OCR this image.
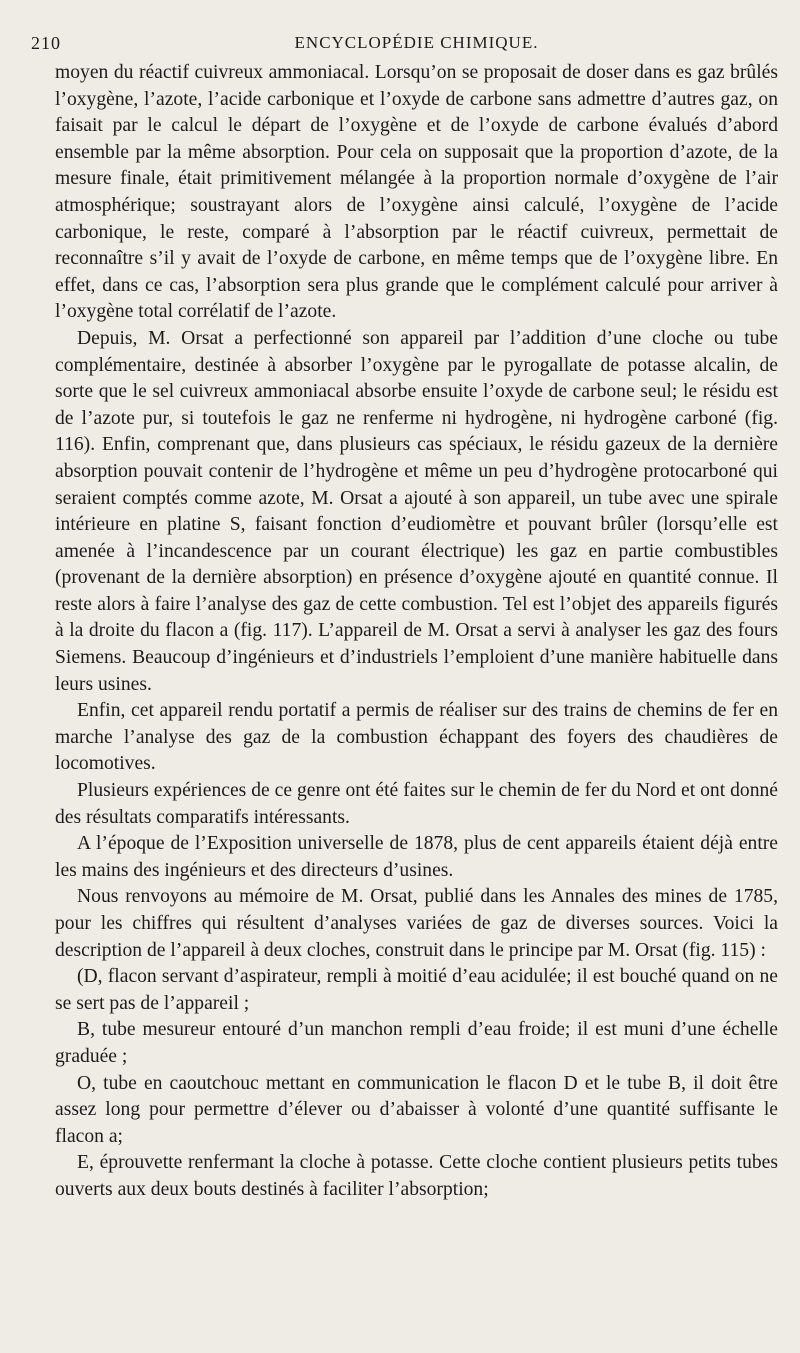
210	ENCYCLOPÉDIE CHIMIQUE.

moyen du réactif cuivreux ammoniacal. Lorsqu’on se proposait de doser dans es gaz brûlés l’oxygène, l’azote, l’acide carbonique et l’oxyde de carbone sans admettre d’autres gaz, on faisait par le calcul le départ de l’oxygène et de l’oxyde de carbone évalués d’abord ensemble par la même absorption. Pour cela on supposait que la proportion d’azote, de la mesure finale, était primitivement mélangée à la proportion normale d’oxygène de l’air atmosphérique; soustrayant alors de l’oxygène ainsi calculé, l’oxygène de l’acide carbonique, le reste, comparé à l’absorption par le réactif cuivreux, permettait de reconnaître s’il y avait de l’oxyde de carbone, en même temps que de l’oxygène libre. En effet, dans ce cas, l’absorption sera plus grande que le complément calculé pour arriver à l’oxygène total corrélatif de l’azote.

Depuis, M. Orsat a perfectionné son appareil par l’addition d’une cloche ou tube complémentaire, destinée à absorber l’oxygène par le pyrogallate de potasse alcalin, de sorte que le sel cuivreux ammoniacal absorbe ensuite l’oxyde de carbone seul; le résidu est de l’azote pur, si toutefois le gaz ne renferme ni hydrogène, ni hydrogène carboné (fig. 116). Enfin, comprenant que, dans plusieurs cas spéciaux, le résidu gazeux de la dernière absorption pouvait contenir de l’hydrogène et même un peu d’hydrogène protocarboné qui seraient comptés comme azote, M. Orsat a ajouté à son appareil, un tube avec une spirale intérieure en platine S, faisant fonction d’eudiomètre et pouvant brûler (lorsqu’elle est amenée à l’incandescence par un courant électrique) les gaz en partie combustibles (provenant de la dernière absorption) en présence d’oxygène ajouté en quantité connue. Il reste alors à faire l’analyse des gaz de cette combustion. Tel est l’objet des appareils figurés à la droite du flacon a (fig. 117). L’appareil de M. Orsat a servi à analyser les gaz des fours Siemens. Beaucoup d’ingénieurs et d’industriels l’emploient d’une manière habituelle dans leurs usines.

Enfin, cet appareil rendu portatif a permis de réaliser sur des trains de chemins de fer en marche l’analyse des gaz de la combustion échappant des foyers des chaudières de locomotives.

Plusieurs expériences de ce genre ont été faites sur le chemin de fer du Nord et ont donné des résultats comparatifs intéressants.

A l’époque de l’Exposition universelle de 1878, plus de cent appareils étaient déjà entre les mains des ingénieurs et des directeurs d’usines.

Nous renvoyons au mémoire de M. Orsat, publié dans les Annales des mines de 1785, pour les chiffres qui résultent d’analyses variées de gaz de diverses sources. Voici la description de l’appareil à deux cloches, construit dans le principe par M. Orsat (fig. 115) :

(D, flacon servant d’aspirateur, rempli à moitié d’eau acidulée; il est bouché quand on ne se sert pas de l’appareil ;

B, tube mesureur entouré d’un manchon rempli d’eau froide; il est muni d’une échelle graduée ;

O, tube en caoutchouc mettant en communication le flacon D et le tube B, il doit être assez long pour permettre d’élever ou d’abaisser à volonté d’une quantité suffisante le flacon a;

E, éprouvette renfermant la cloche à potasse. Cette cloche contient plusieurs petits tubes ouverts aux deux bouts destinés à faciliter l’absorption;
